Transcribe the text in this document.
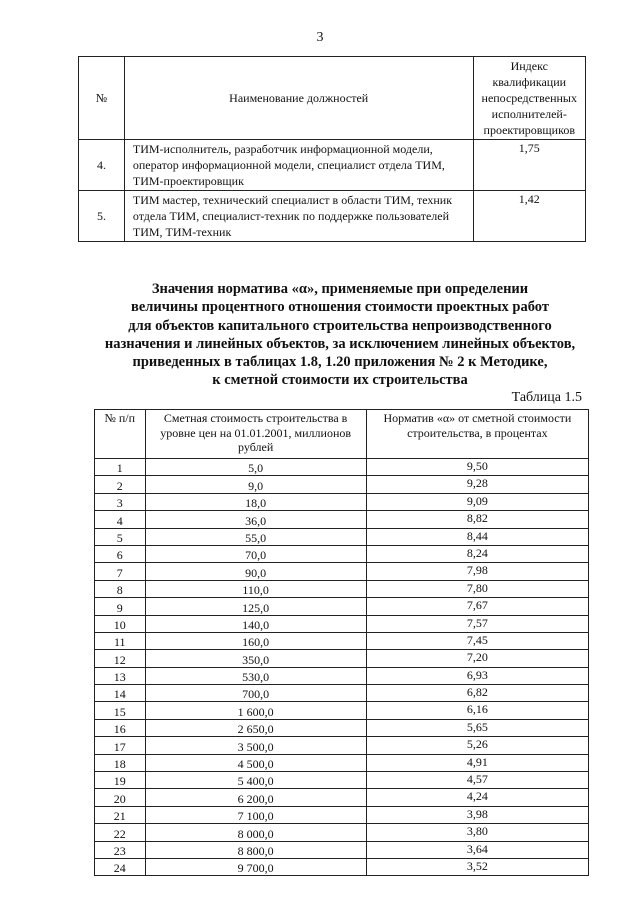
3
№	Наименование должностей	Индекс квалификации непосредственных исполнителей-проектировщиков
4.	ТИМ-исполнитель, разработчик информационной модели, оператор информационной модели, специалист отдела ТИМ, ТИМ-проектировщик	1,75
5.	ТИМ мастер, технический специалист в области ТИМ, техник отдела ТИМ, специалист-техник по поддержке пользователей ТИМ, ТИМ-техник	1,42
Значения норматива «α», применяемые при определении
величины процентного отношения стоимости проектных работ
для объектов капитального строительства непроизводственного
назначения и линейных объектов, за исключением линейных объектов,
приведенных в таблицах 1.8, 1.20 приложения № 2 к Методике,
к сметной стоимости их строительства
Таблица 1.5
№ п/п	Сметная стоимость строительства в уровне цен на 01.01.2001, миллионов рублей	Норматив «α» от сметной стоимости строительства, в процентах
1	5,0	9,50
2	9,0	9,28
3	18,0	9,09
4	36,0	8,82
5	55,0	8,44
6	70,0	8,24
7	90,0	7,98
8	110,0	7,80
9	125,0	7,67
10	140,0	7,57
11	160,0	7,45
12	350,0	7,20
13	530,0	6,93
14	700,0	6,82
15	1 600,0	6,16
16	2 650,0	5,65
17	3 500,0	5,26
18	4 500,0	4,91
19	5 400,0	4,57
20	6 200,0	4,24
21	7 100,0	3,98
22	8 000,0	3,80
23	8 800,0	3,64
24	9 700,0	3,52
